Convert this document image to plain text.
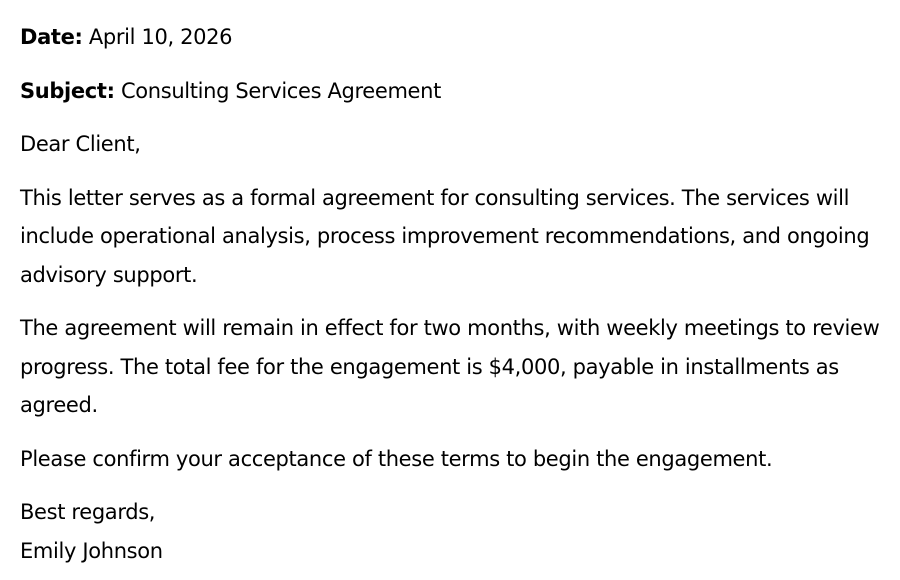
Date: April 10, 2026

Subject: Consulting Services Agreement

Dear Client,

This letter serves as a formal agreement for consulting services. The services will include operational analysis, process improvement recommendations, and ongoing advisory support.

The agreement will remain in effect for two months, with weekly meetings to review progress. The total fee for the engagement is $4,000, payable in installments as agreed.

Please confirm your acceptance of these terms to begin the engagement.

Best regards,

Emily Johnson
